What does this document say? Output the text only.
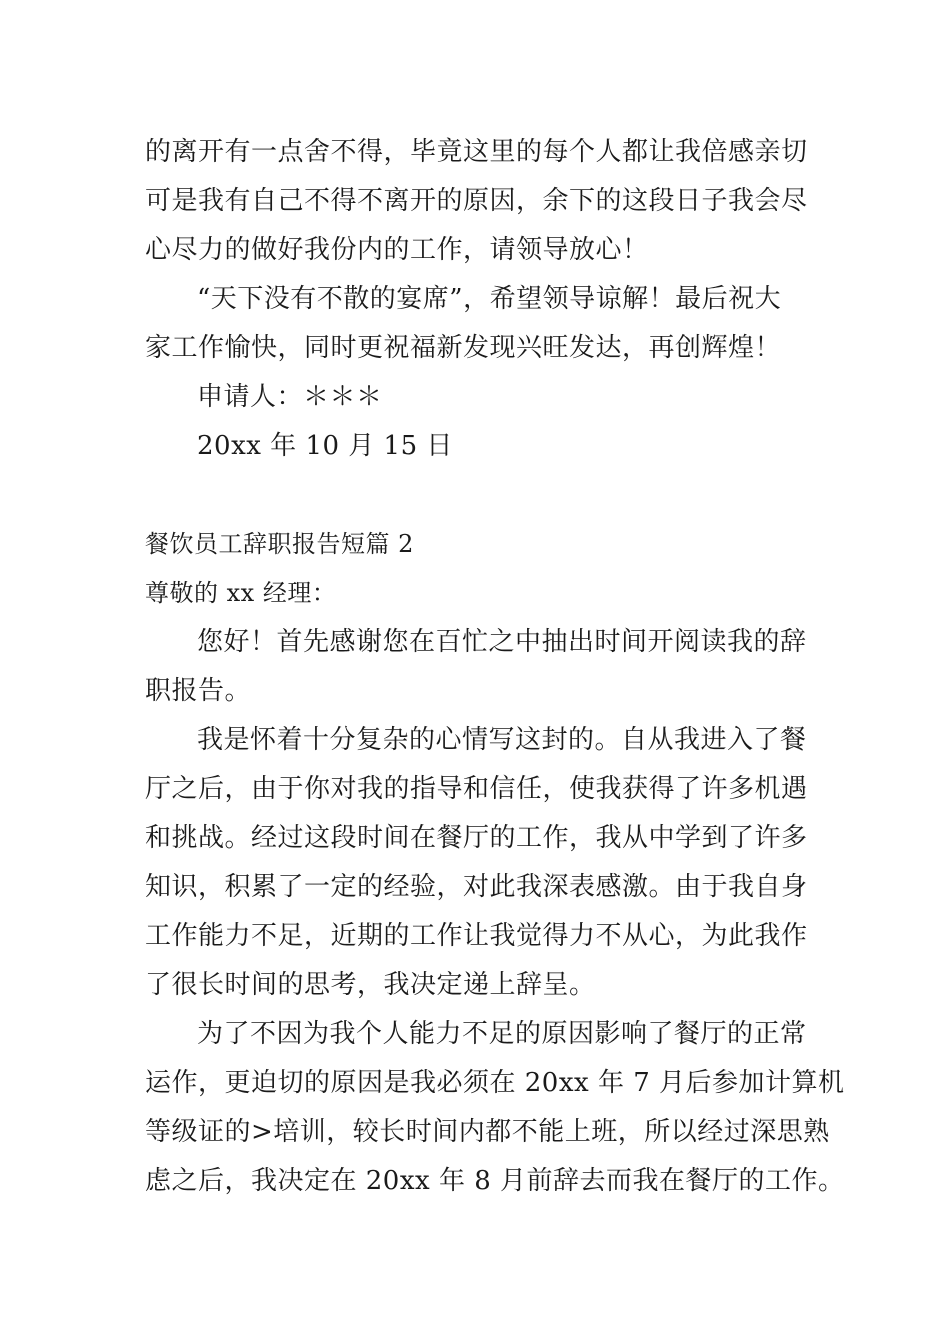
的离开有一点舍不得，毕竟这里的每个人都让我倍感亲切
可是我有自己不得不离开的原因，余下的这段日子我会尽
心尽力的做好我份内的工作，请领导放心！
“天下没有不散的宴席”，希望领导谅解！最后祝大
家工作愉快，同时更祝福新发现兴旺发达，再创辉煌！
申请人：＊＊＊
20xx 年 10 月 15 日
餐饮员工辞职报告短篇 2
尊敬的 xx 经理：
您好！首先感谢您在百忙之中抽出时间开阅读我的辞
职报告。
我是怀着十分复杂的心情写这封的。自从我进入了餐
厅之后，由于你对我的指导和信任，使我获得了许多机遇
和挑战。经过这段时间在餐厅的工作，我从中学到了许多
知识，积累了一定的经验，对此我深表感激。由于我自身
工作能力不足，近期的工作让我觉得力不从心，为此我作
了很长时间的思考，我决定递上辞呈。
为了不因为我个人能力不足的原因影响了餐厅的正常
运作，更迫切的原因是我必须在 20xx 年 7 月后参加计算机
等级证的>培训，较长时间内都不能上班，所以经过深思熟
虑之后，我决定在 20xx 年 8 月前辞去而我在餐厅的工作。
